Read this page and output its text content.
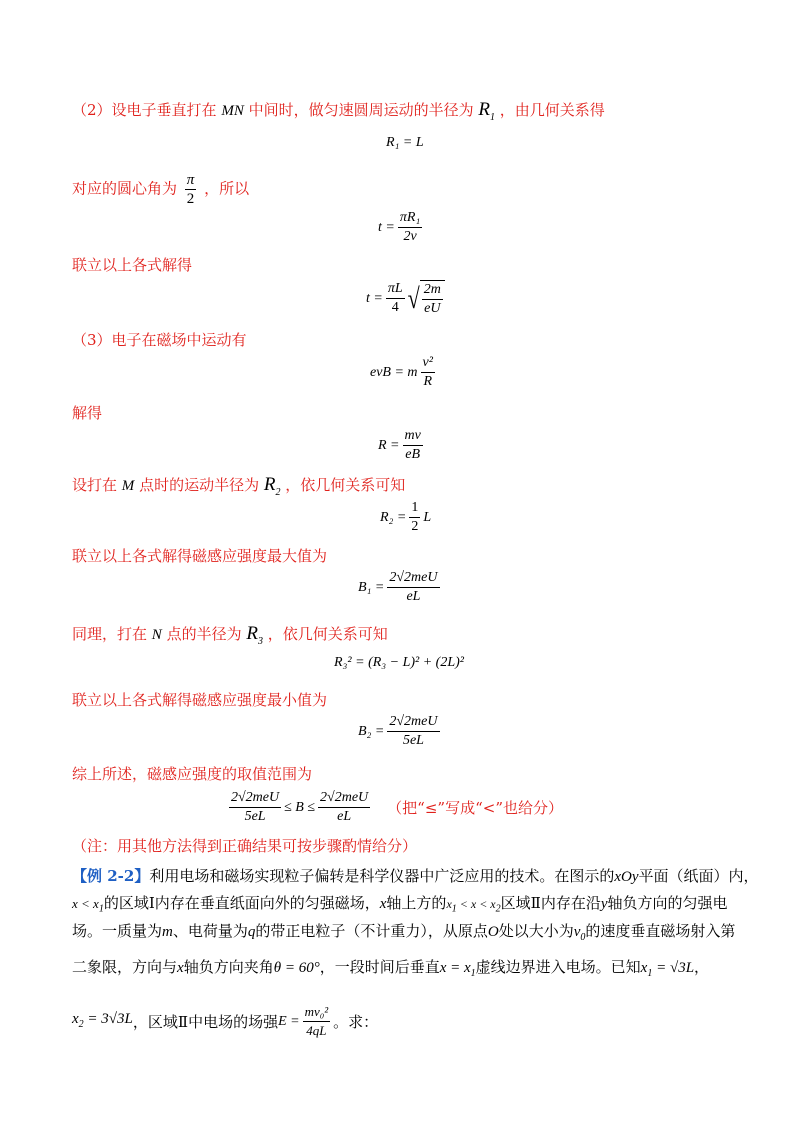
（2）设电子垂直打在 MN 中间时，做匀速圆周运动的半径为 $R_1$ ，由几何关系得
R₁ = L
对应的圆心角为 $\frac{\pi}{2}$ ，所以
$t = \frac{\text{πR₁}}{2v}$
联立以上各式解得
$t = \frac{\pi L}{4}$ √ $\frac{2m}{eU}$
（3）电子在磁场中运动有
evB = m $\frac{\text{v²}}{R}$
解得
$R = \frac{mv}{eB}$
设打在 M 点时的运动半径为 $R_2$ ，依几何关系可知
$R_2 = \frac{1}{2}$ L
联立以上各式解得磁感应强度最大值为
$B_1 = \frac{\text{2√2meU}}{eL}$
同理，打在 N 点的半径为 $R_3$ ，依几何关系可知
R₃² = (R₃ − L)² + (2L)²
联立以上各式解得磁感应强度最小值为
$B_2 = \frac{\text{2√2meU}}{5eL}$
综上所述，磁感应强度的取值范围为
$\frac{\text{2√2meU}}{5eL} \le B \le \frac{\text{2√2meU}}{eL}$ （把“≤”写成“<”也给分）
（注：用其他方法得到正确结果可按步骤酌情给分）
【例 2-2】利用电场和磁场实现粒子偏转是科学仪器中广泛应用的技术。在图示的xOy平面（纸面）内，
$x < x_1$的区域Ⅰ内存在垂直纸面向外的匀强磁场，x轴上方的$x_1 < x < x_2$区域Ⅱ内存在沿y轴负方向的匀强电
场。一质量为m、电荷量为q的带正电粒子（不计重力），从原点O处以大小为$v_0$的速度垂直磁场射入第
二象限，方向与x轴负方向夹角θ = 60°，一段时间后垂直$x = x_1$虚线边界进入电场。已知$x_1 = √3L$，
$x_2 = 3√3L$ ，区域Ⅱ中电场的场强 $E = \frac{\text{mv₀²}}{4qL}$ 。求：
